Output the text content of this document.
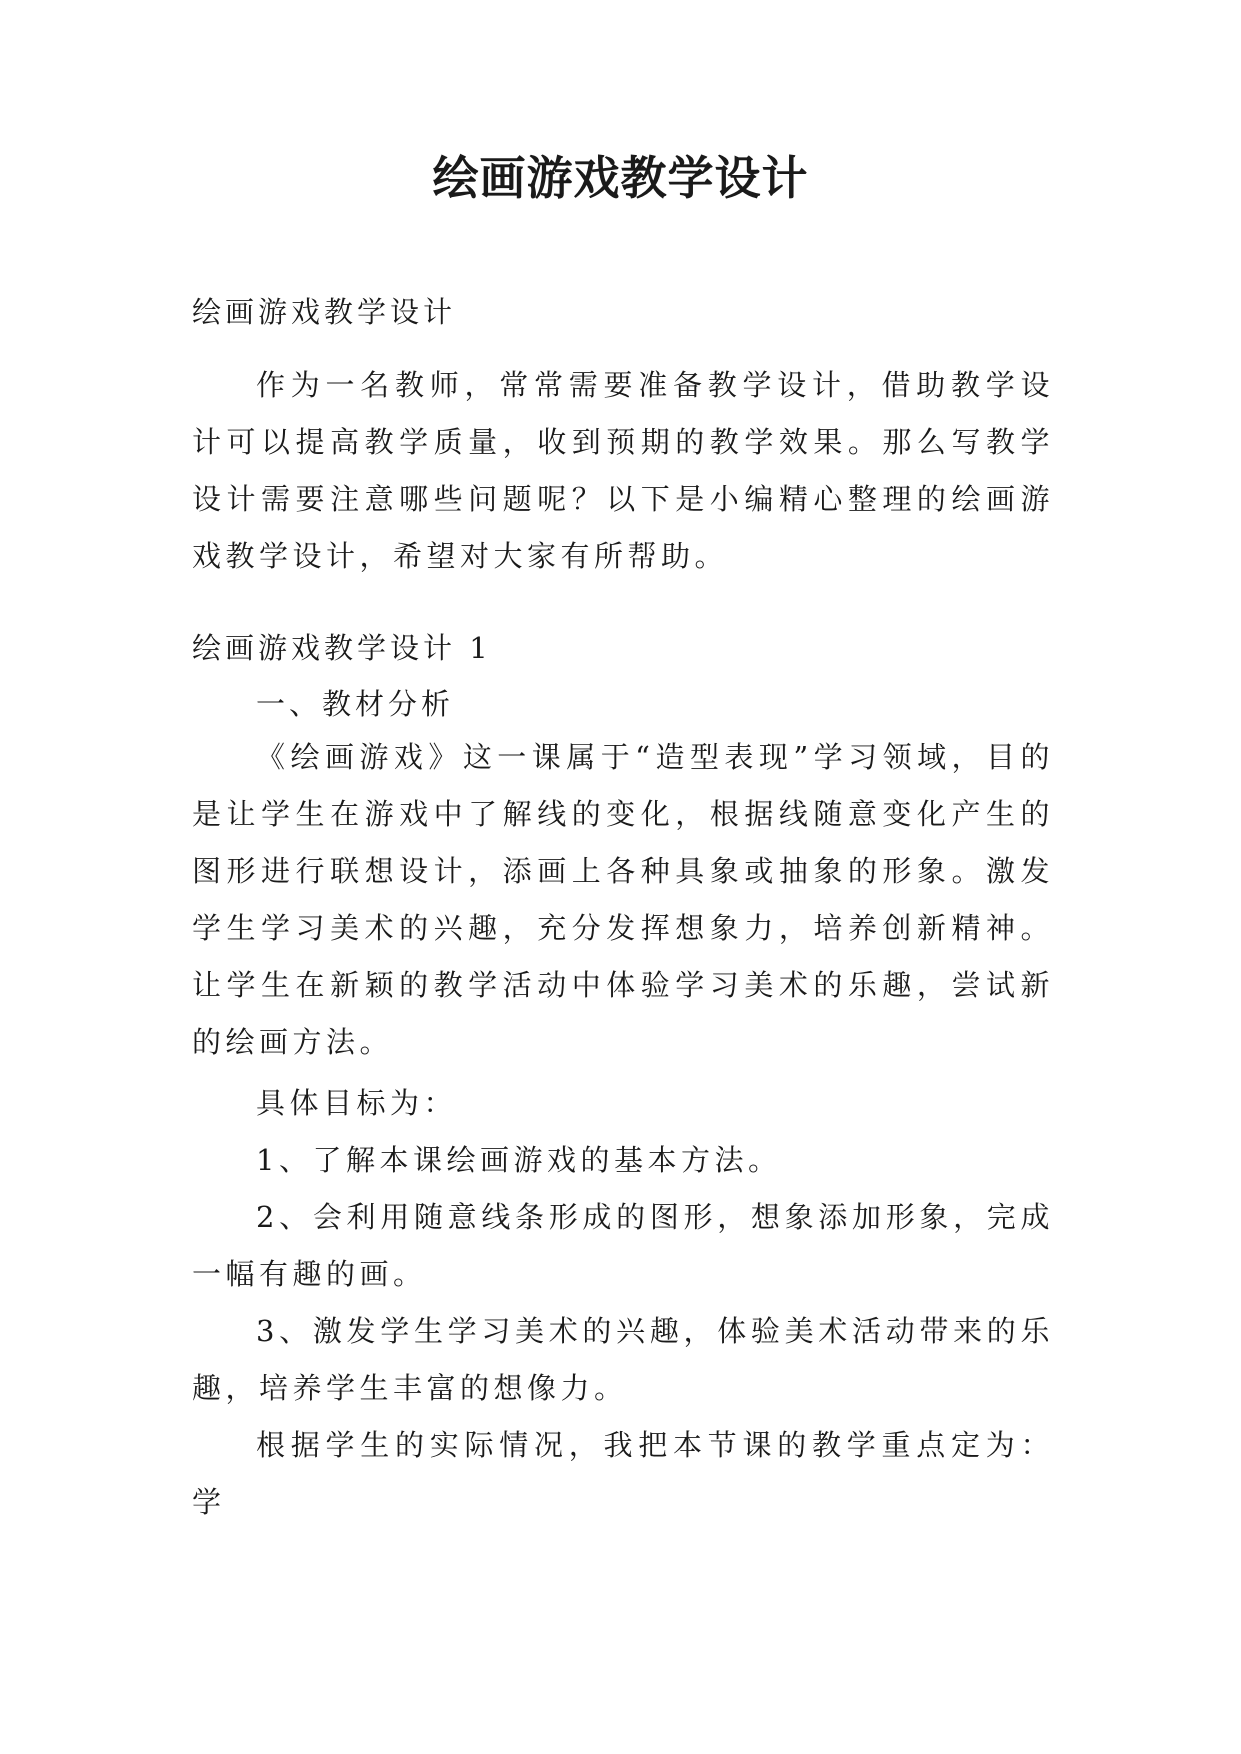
绘画游戏教学设计
绘画游戏教学设计

作为一名教师，常常需要准备教学设计，借助教学设计可以提高教学质量，收到预期的教学效果。那么写教学设计需要注意哪些问题呢？以下是小编精心整理的绘画游戏教学设计，希望对大家有所帮助。

绘画游戏教学设计 1
一、教材分析

《绘画游戏》这一课属于“造型表现”学习领域，目的是让学生在游戏中了解线的变化，根据线随意变化产生的图形进行联想设计，添画上各种具象或抽象的形象。激发学生学习美术的兴趣，充分发挥想象力，培养创新精神。让学生在新颖的教学活动中体验学习美术的乐趣，尝试新的绘画方法。

具体目标为：

1、了解本课绘画游戏的基本方法。

2、会利用随意线条形成的图形，想象添加形象，完成一幅有趣的画。

3、激发学生学习美术的兴趣，体验美术活动带来的乐趣，培养学生丰富的想像力。

根据学生的实际情况，我把本节课的教学重点定为：学
